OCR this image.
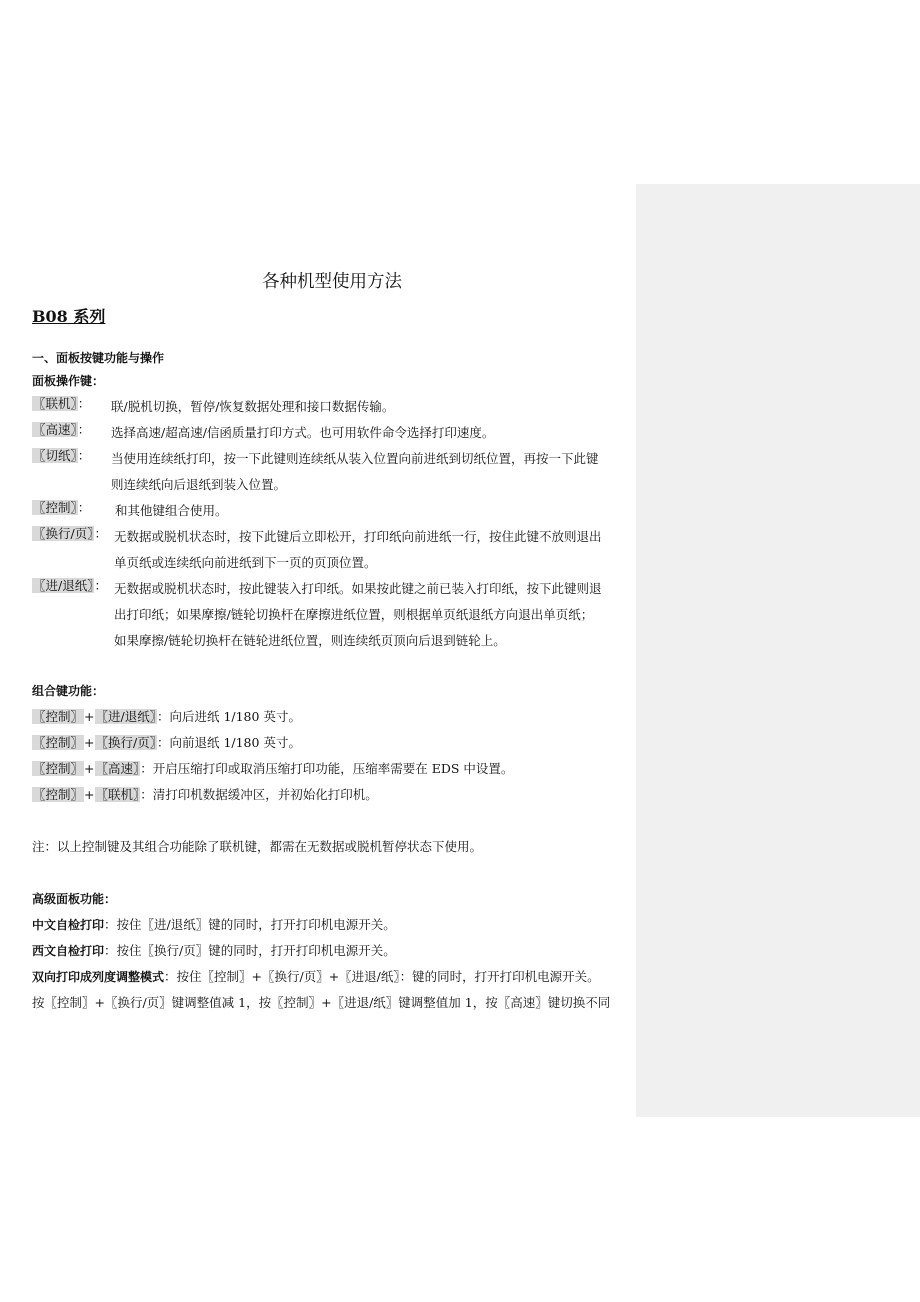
各种机型使用方法
B08 系列
一、面板按键功能与操作
面板操作键：
〖联机〗： 联/脱机切换，暂停/恢复数据处理和接口数据传输。
〖高速〗： 选择高速/超高速/信函质量打印方式。也可用软件命令选择打印速度。
〖切纸〗： 当使用连续纸打印，按一下此键则连续纸从装入位置向前进纸到切纸位置，再按一下此键
则连续纸向后退纸到装入位置。
〖控制〗： 和其他键组合使用。
〖换行/页〗： 无数据或脱机状态时，按下此键后立即松开，打印纸向前进纸一行，按住此键不放则退出
单页纸或连续纸向前进纸到下一页的页顶位置。
〖进/退纸〗： 无数据或脱机状态时，按此键装入打印纸。如果按此键之前已装入打印纸，按下此键则退
出打印纸；如果摩擦/链轮切换杆在摩擦进纸位置，则根据单页纸退纸方向退出单页纸；
如果摩擦/链轮切换杆在链轮进纸位置，则连续纸页顶向后退到链轮上。
组合键功能：
〖控制〗+〖进/退纸〗：向后进纸 1/180 英寸。
〖控制〗+〖换行/页〗：向前退纸 1/180 英寸。
〖控制〗+〖高速〗：开启压缩打印或取消压缩打印功能，压缩率需要在 EDS 中设置。
〖控制〗+〖联机〗：清打印机数据缓冲区，并初始化打印机。
注：以上控制键及其组合功能除了联机键，都需在无数据或脱机暂停状态下使用。
高级面板功能：
中文自检打印：按住〖进/退纸〗键的同时，打开打印机电源开关。
西文自检打印：按住〖换行/页〗键的同时，打开打印机电源开关。
双向打印成列度调整模式：按住〖控制〗+〖换行/页〗+〖进退/纸〗：键的同时，打开打印机电源开关。
按〖控制〗+〖换行/页〗键调整值减 1，按〖控制〗+〖进退/纸〗键调整值加 1，按〖高速〗键切换不同
